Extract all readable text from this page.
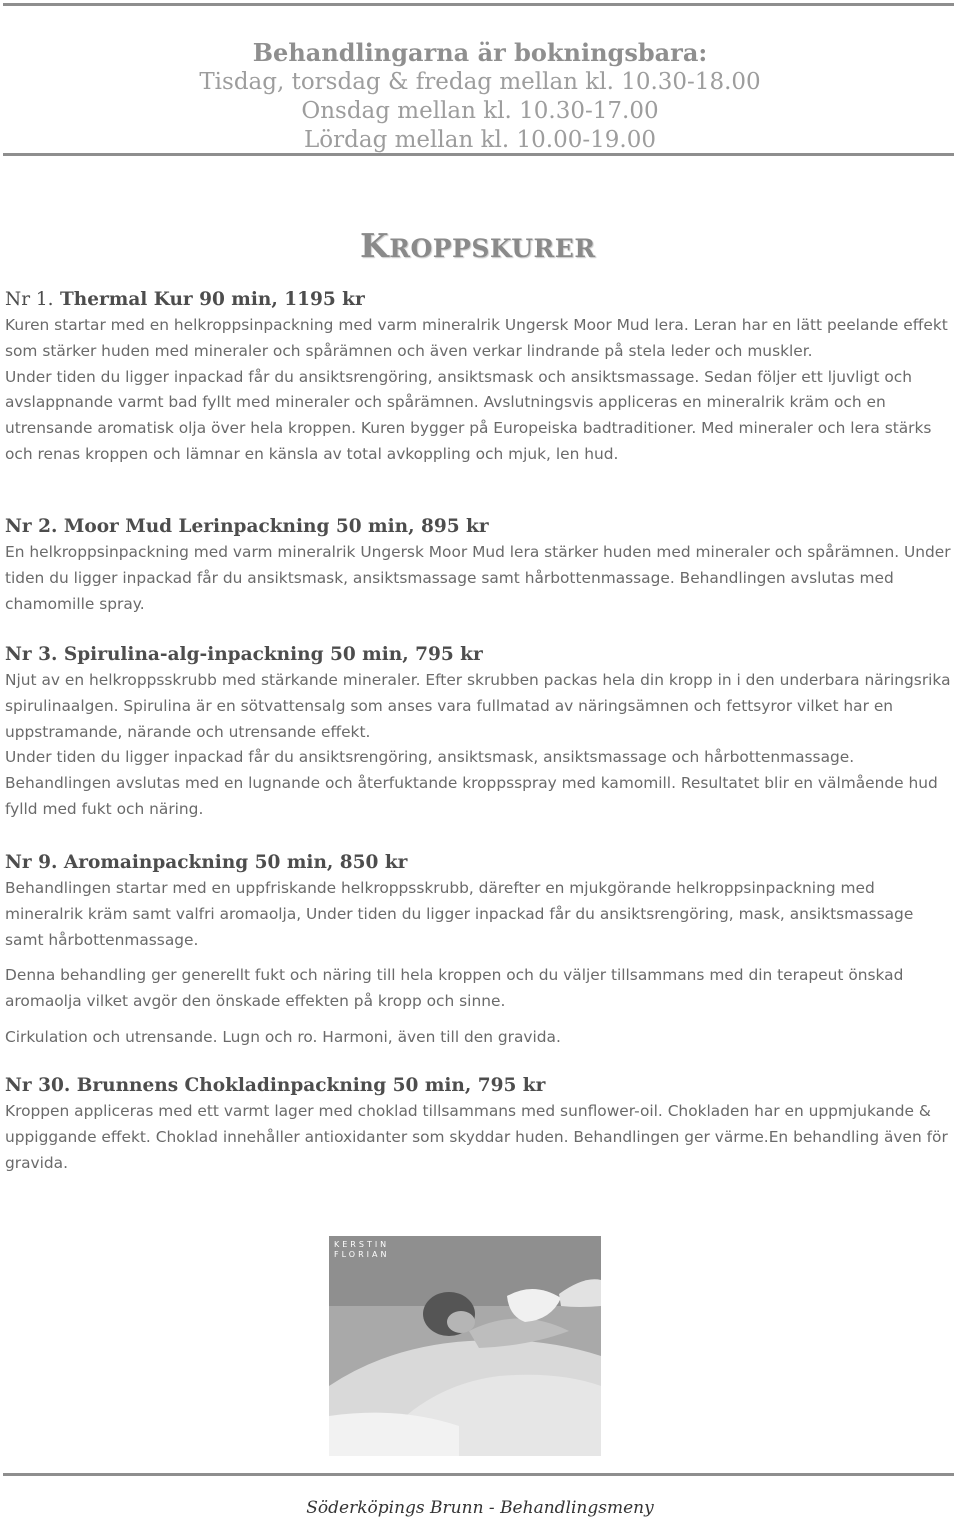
Behandlingarna är bokningsbara:
Tisdag, torsdag & fredag mellan kl. 10.30-18.00
Onsdag mellan kl. 10.30-17.00
Lördag mellan kl. 10.00-19.00
KROPPSKURER
Nr 1. Thermal Kur 90 min, 1195 kr

Kuren startar med en helkroppsinpackning med varm mineralrik Ungersk Moor Mud lera. Leran har en lätt peelande effekt som stärker huden med mineraler och spårämnen och även verkar lindrande på stela leder och muskler.

Under tiden du ligger inpackad får du ansiktsrengöring, ansiktsmask och ansiktsmassage. Sedan följer ett ljuvligt och avslappnande varmt bad fyllt med mineraler och spårämnen. Avslutningsvis appliceras en mineralrik kräm och en utrensande aromatisk olja över hela kroppen. Kuren bygger på Europeiska badtraditioner. Med mineraler och lera stärks och renas kroppen och lämnar en känsla av total avkoppling och mjuk, len hud.

Nr 2. Moor Mud Lerinpackning 50 min, 895 kr

En helkroppsinpackning med varm mineralrik Ungersk Moor Mud lera stärker huden med mineraler och spårämnen. Under tiden du ligger inpackad får du ansiktsmask, ansiktsmassage samt hårbottenmassage. Behandlingen avslutas med chamomille spray.

Nr 3. Spirulina-alg-inpackning 50 min, 795 kr

Njut av en helkroppsskrubb med stärkande mineraler. Efter skrubben packas hela din kropp in i den underbara näringsrika spirulinaalgen. Spirulina är en sötvattensalg som anses vara fullmatad av näringsämnen och fettsyror vilket har en uppstramande, närande och utrensande effekt.

Under tiden du ligger inpackad får du ansiktsrengöring, ansiktsmask, ansiktsmassage och hårbottenmassage. Behandlingen avslutas med en lugnande och återfuktande kroppsspray med kamomill. Resultatet blir en välmående hud fylld med fukt och näring.

Nr 9. Aromainpackning 50 min, 850 kr

Behandlingen startar med en uppfriskande helkroppsskrubb, därefter en mjukgörande helkroppsinpackning med mineralrik kräm samt valfri aromaolja, Under tiden du ligger inpackad får du ansiktsrengöring, mask, ansiktsmassage samt hårbottenmassage.

Denna behandling ger generellt fukt och näring till hela kroppen och du väljer tillsammans med din terapeut önskad aromaolja vilket avgör den önskade effekten på kropp och sinne.

Cirkulation och utrensande. Lugn och ro. Harmoni, även till den gravida.

Nr 30. Brunnens Chokladinpackning 50 min, 795 kr

Kroppen appliceras med ett varmt lager med choklad tillsammans med sunflower-oil. Chokladen har en uppmjukande & uppiggande effekt. Choklad innehåller antioxidanter som skyddar huden. Behandlingen ger värme.En behandling även för gravida.

KERSTIN
FLORIAN
Söderköpings Brunn - Behandlingsmeny
